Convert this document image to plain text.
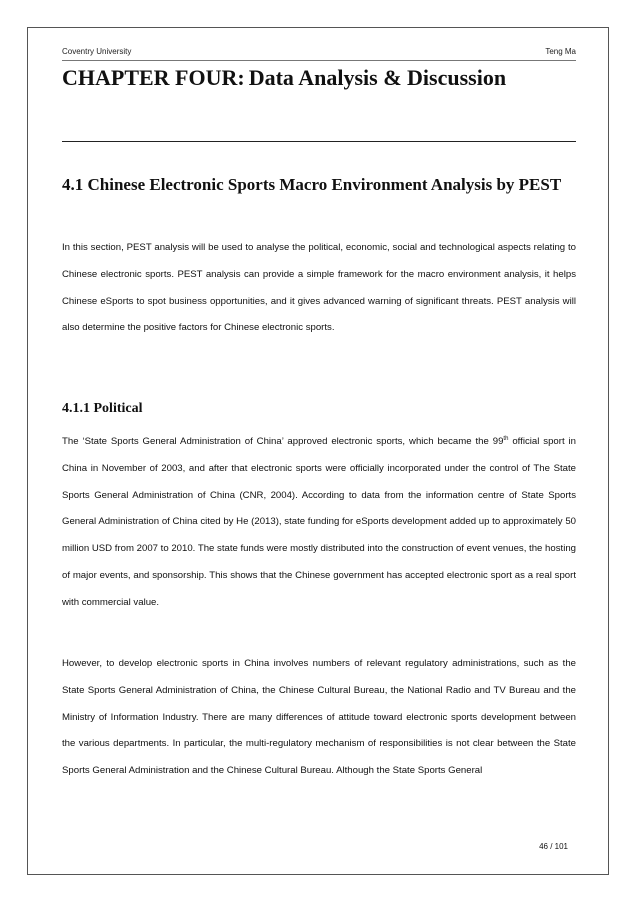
Coventry University	Teng Ma
CHAPTER FOUR: Data Analysis & Discussion
4.1 Chinese Electronic Sports Macro Environment Analysis by PEST

In this section, PEST analysis will be used to analyse the political, economic, social and technological aspects relating to Chinese electronic sports. PEST analysis can provide a simple framework for the macro environment analysis, it helps Chinese eSports to spot business opportunities, and it gives advanced warning of significant threats. PEST analysis will also determine the positive factors for Chinese electronic sports.

4.1.1 Political

The ‘State Sports General Administration of China’ approved electronic sports, which became the 99th official sport in China in November of 2003, and after that electronic sports were officially incorporated under the control of The State Sports General Administration of China (CNR, 2004). According to data from the information centre of State Sports General Administration of China cited by He (2013), state funding for eSports development added up to approximately 50 million USD from 2007 to 2010. The state funds were mostly distributed into the construction of event venues, the hosting of major events, and sponsorship. This shows that the Chinese government has accepted electronic sport as a real sport with commercial value.

However, to develop electronic sports in China involves numbers of relevant regulatory administrations, such as the State Sports General Administration of China, the Chinese Cultural Bureau, the National Radio and TV Bureau and the Ministry of Information Industry. There are many differences of attitude toward electronic sports development between the various departments. In particular, the multi-regulatory mechanism of responsibilities is not clear between the State Sports General Administration and the Chinese Cultural Bureau. Although the State Sports General

46 / 101
